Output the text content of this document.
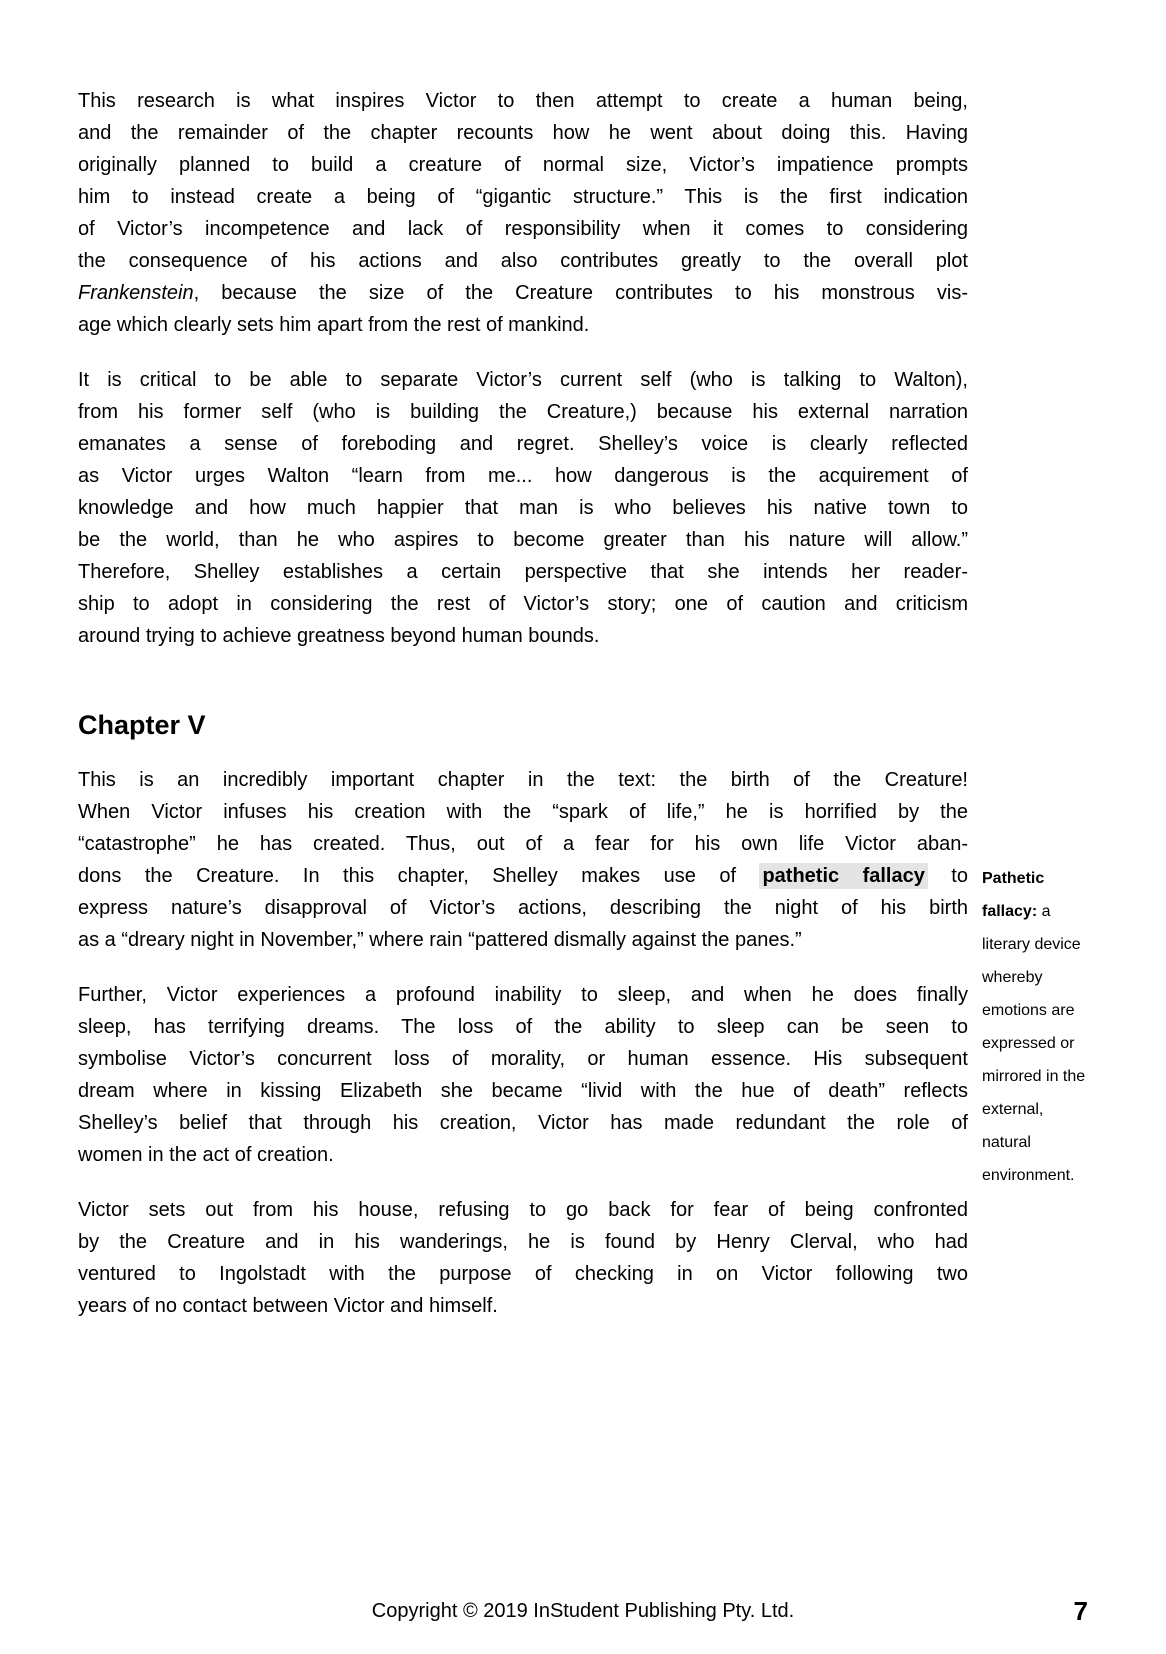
This research is what inspires Victor to then attempt to create a human being,
and the remainder of the chapter recounts how he went about doing this. Having
originally planned to build a creature of normal size, Victor’s impatience prompts
him to instead create a being of “gigantic structure.” This is the first indication
of Victor’s incompetence and lack of responsibility when it comes to considering
the consequence of his actions and also contributes greatly to the overall plot
Frankenstein, because the size of the Creature contributes to his monstrous vis-
age which clearly sets him apart from the rest of mankind.
It is critical to be able to separate Victor’s current self (who is talking to Walton),
from his former self (who is building the Creature,) because his external narration
emanates a sense of foreboding and regret. Shelley’s voice is clearly reflected
as Victor urges Walton “learn from me... how dangerous is the acquirement of
knowledge and how much happier that man is who believes his native town to
be the world, than he who aspires to become greater than his nature will allow.”
Therefore, Shelley establishes a certain perspective that she intends her reader-
ship to adopt in considering the rest of Victor’s story; one of caution and criticism
around trying to achieve greatness beyond human bounds.
Chapter V
This is an incredibly important chapter in the text: the birth of the Creature!
When Victor infuses his creation with the “spark of life,” he is horrified by the
“catastrophe” he has created. Thus, out of a fear for his own life Victor aban-
dons the Creature. In this chapter, Shelley makes use of pathetic fallacy to
express nature’s disapproval of Victor’s actions, describing the night of his birth
as a “dreary night in November,” where rain “pattered dismally against the panes.”
Further, Victor experiences a profound inability to sleep, and when he does finally
sleep, has terrifying dreams. The loss of the ability to sleep can be seen to
symbolise Victor’s concurrent loss of morality, or human essence. His subsequent
dream where in kissing Elizabeth she became “livid with the hue of death” reflects
Shelley’s belief that through his creation, Victor has made redundant the role of
women in the act of creation.
Victor sets out from his house, refusing to go back for fear of being confronted
by the Creature and in his wanderings, he is found by Henry Clerval, who had
ventured to Ingolstadt with the purpose of checking in on Victor following two
years of no contact between Victor and himself.
Pathetic
fallacy: a
literary device
whereby
emotions are
expressed or
mirrored in the
external,
natural
environment.
Copyright © 2019 InStudent Publishing Pty. Ltd.	7
